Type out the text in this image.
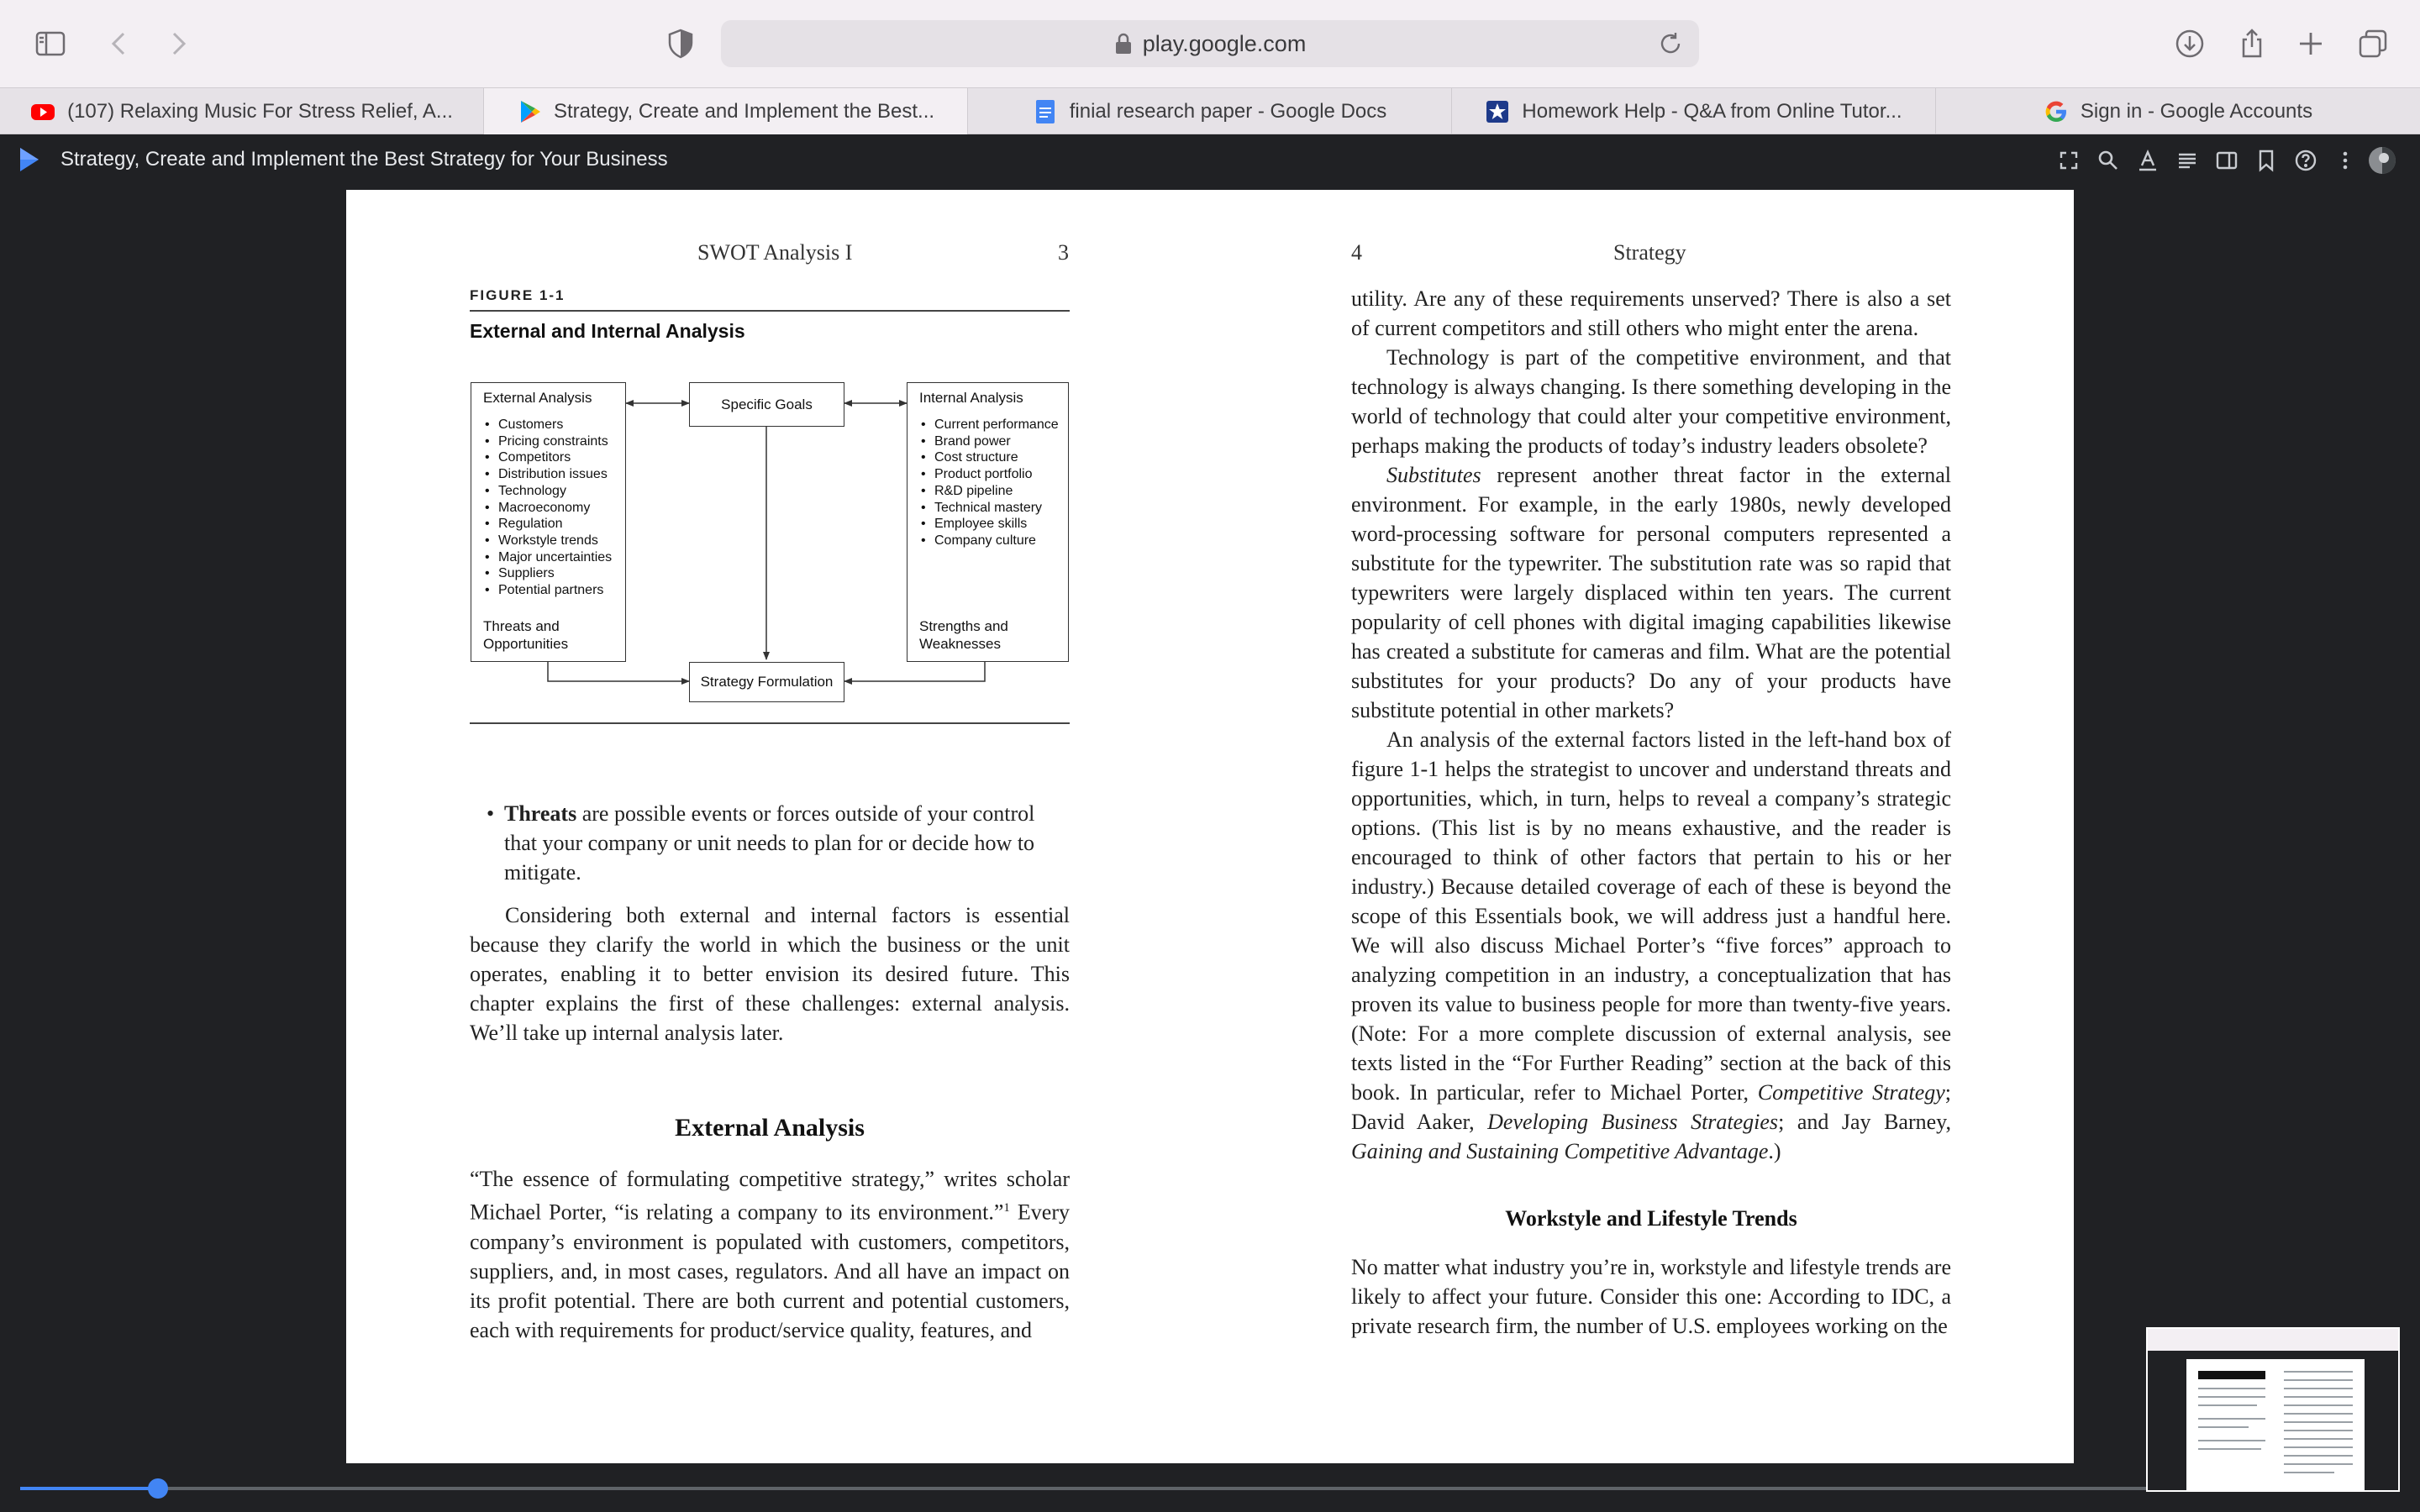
play.google.com
(107) Relaxing Music For Stress Relief, A...	Strategy, Create and Implement the Best...	finial research paper - Google Docs	Homework Help - Q&A from Online Tutor...	Sign in - Google Accounts
Strategy, Create and Implement the Best Strategy for Your Business
SWOT Analysis I	3
FIGURE 1-1
External and Internal Analysis
External Analysis
• Customers
• Pricing constraints
• Competitors
• Distribution issues
• Technology
• Macroeconomy
• Regulation
• Workstyle trends
• Major uncertainties
• Suppliers
• Potential partners
Threats and
Opportunities
Specific Goals	Internal Analysis
• Current performance
• Brand power
• Cost structure
• Product portfolio
• R&D pipeline
• Technical mastery
• Employee skills
• Company culture
Strengths and
Weaknesses
Strategy Formulation
• Threats are possible events or forces outside of your control that your company or unit needs to plan for or decide how to mitigate.
Considering both external and internal factors is essential because they clarify the world in which the business or the unit operates, enabling it to better envision its desired future. This chapter explains the first of these challenges: external analysis. We’ll take up internal analysis later.
External Analysis
“The essence of formulating competitive strategy,” writes scholar Michael Porter, “is relating a company to its environment.”$^1$ Every company’s environment is populated with customers, competitors, suppliers, and, in most cases, regulators. And all have an impact on its profit potential. There are both current and potential customers, each with requirements for product/service quality, features, and
4	Strategy
utility. Are any of these requirements unserved? There is also a set of current competitors and still others who might enter the arena.
Technology is part of the competitive environment, and that technology is always changing. Is there something developing in the world of technology that could alter your competitive environment, perhaps making the products of today’s industry leaders obsolete?
Substitutes represent another threat factor in the external environment. For example, in the early 1980s, newly developed word-processing software for personal computers represented a substitute for the typewriter. The substitution rate was so rapid that typewriters were largely displaced within ten years. The current popularity of cell phones with digital imaging capabilities likewise has created a substitute for cameras and film. What are the potential substitutes for your products? Do any of your products have substitute potential in other markets?
An analysis of the external factors listed in the left-hand box of figure 1-1 helps the strategist to uncover and understand threats and opportunities, which, in turn, helps to reveal a company’s strategic options. (This list is by no means exhaustive, and the reader is encouraged to think of other factors that pertain to his or her industry.) Because detailed coverage of each of these is beyond the scope of this Essentials book, we will address just a handful here. We will also discuss Michael Porter’s “five forces” approach to analyzing competition in an industry, a conceptualization that has proven its value to business people for more than twenty-five years. (Note: For a more complete discussion of external analysis, see texts listed in the “For Further Reading” section at the back of this book. In particular, refer to Michael Porter, Competitive Strategy; David Aaker, Developing Business Strategies; and Jay Barney, Gaining and Sustaining Competitive Advantage.)
Workstyle and Lifestyle Trends
No matter what industry you’re in, workstyle and lifestyle trends are likely to affect your future. Consider this one: According to IDC, a private research firm, the number of U.S. employees working on the
